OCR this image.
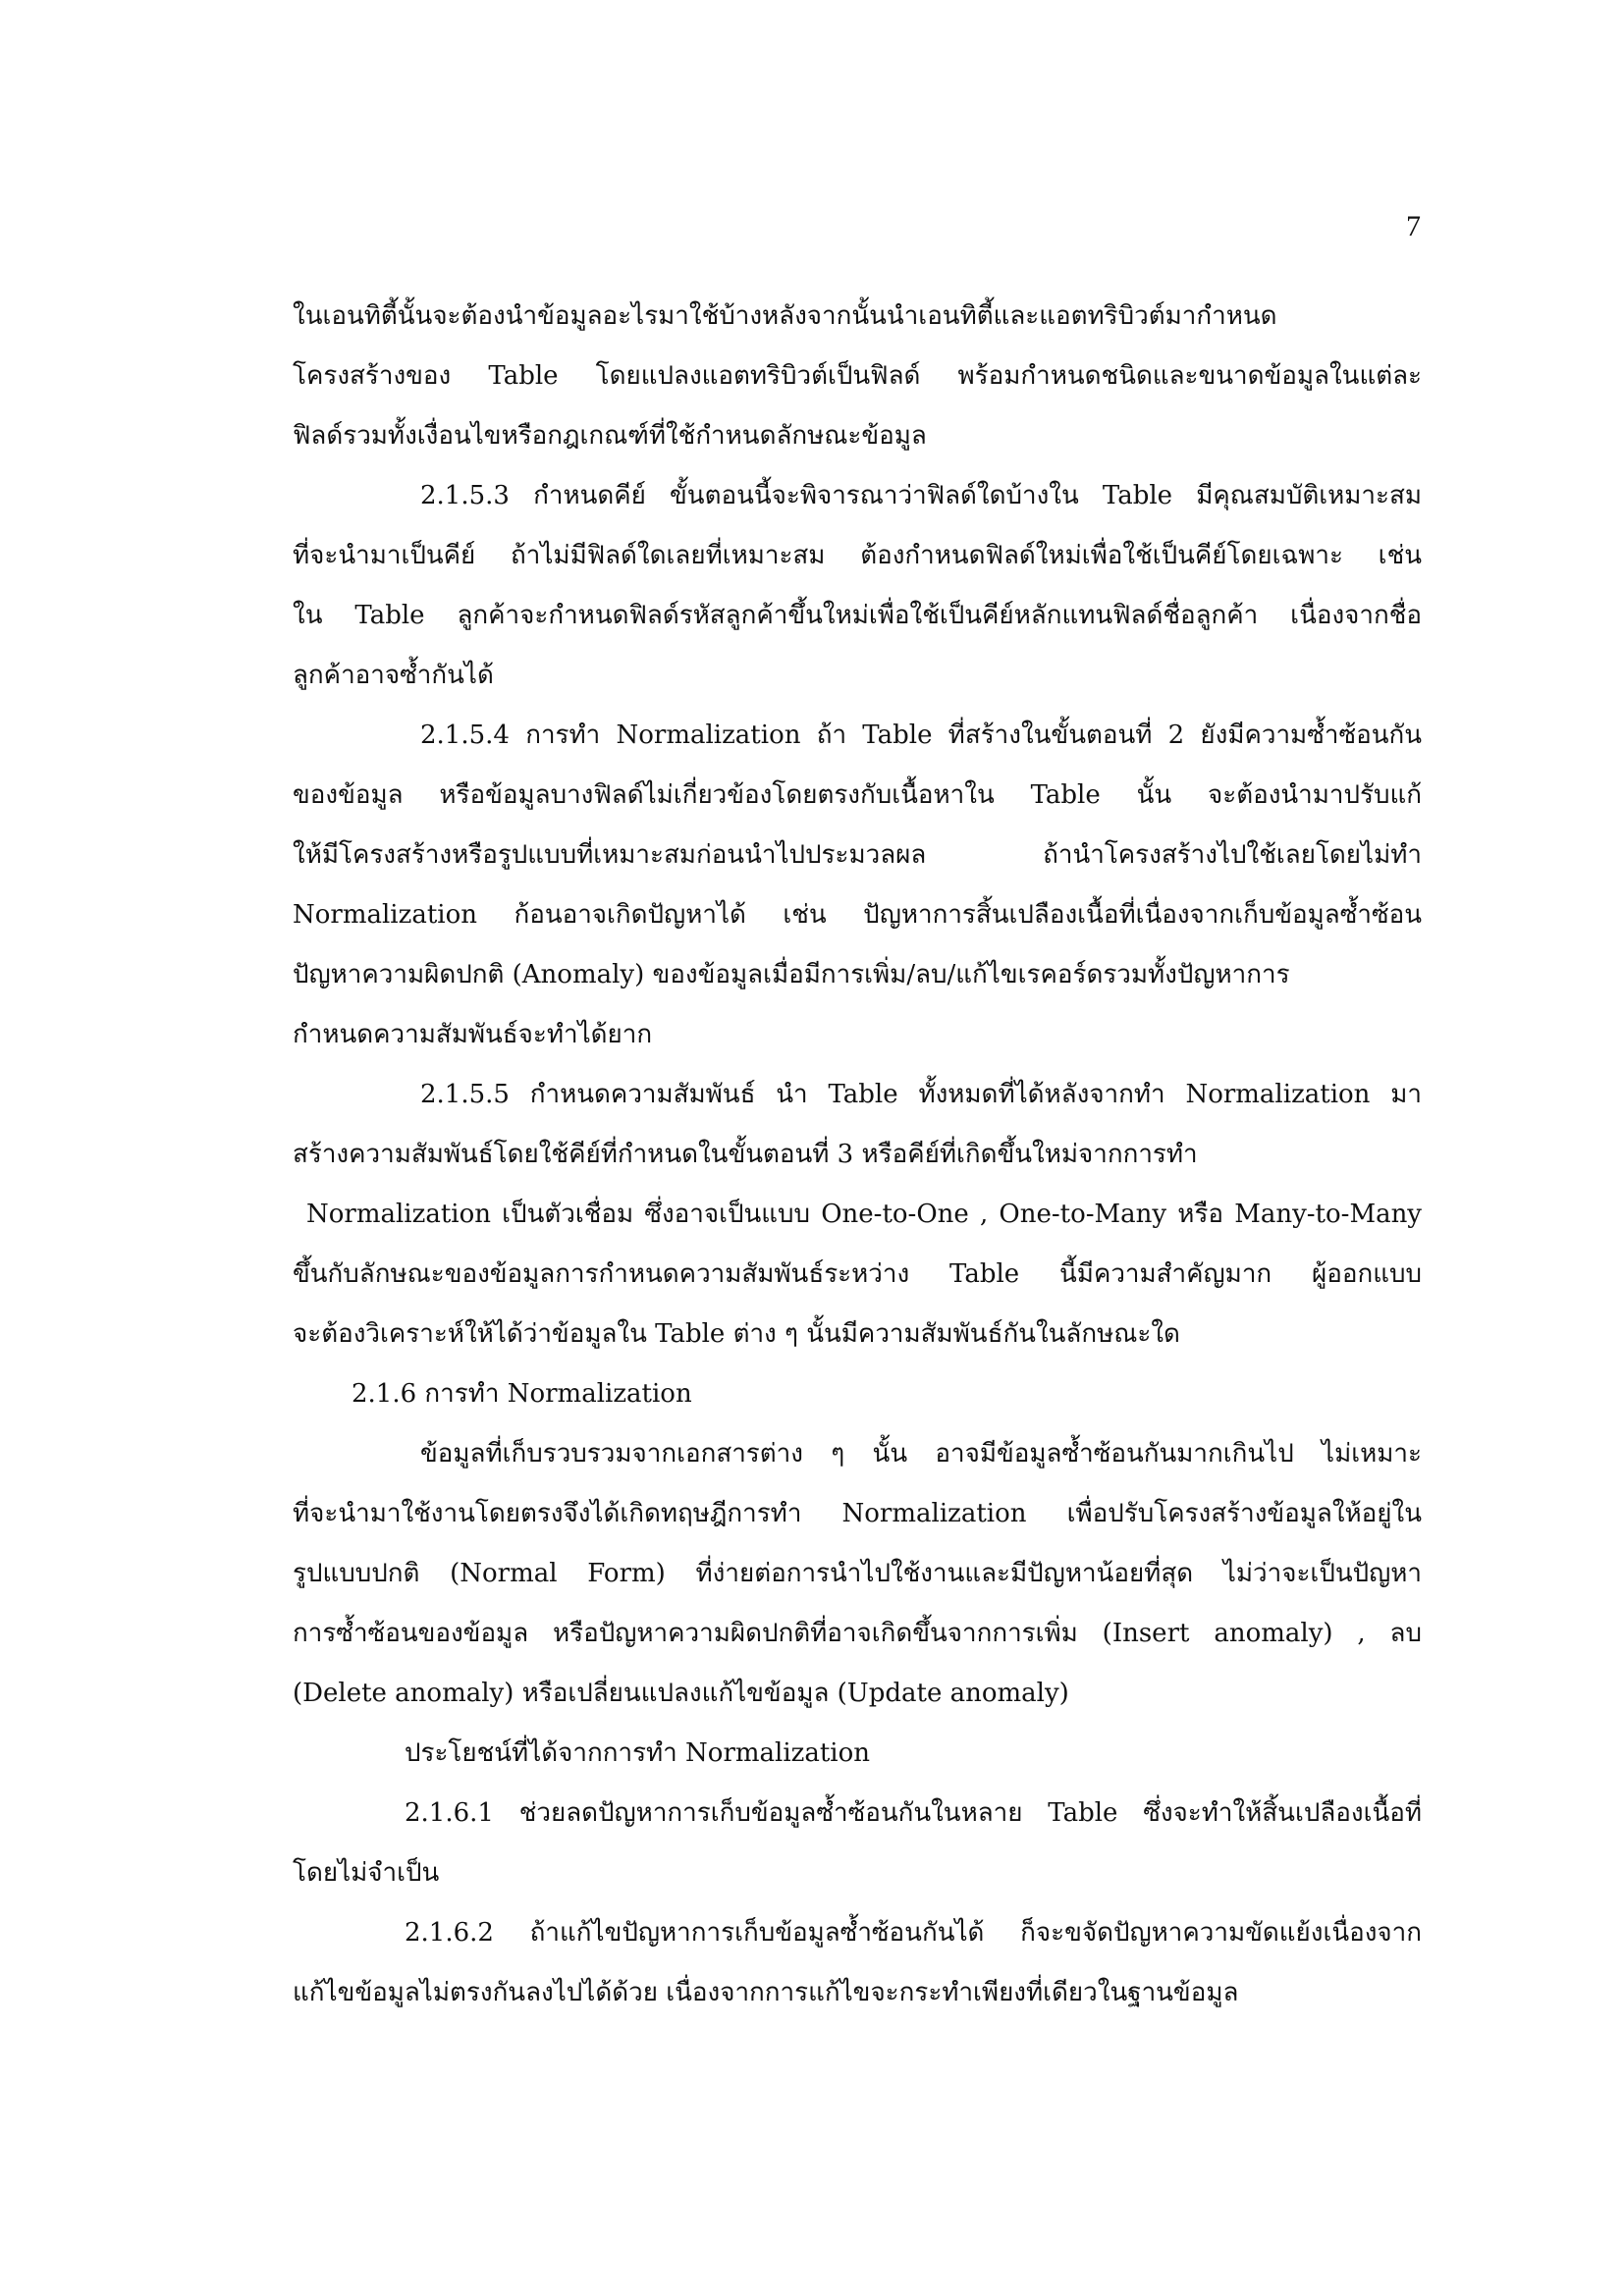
7
ในเอนทิตี้นั้นจะต้องนำข้อมูลอะไรมาใช้บ้างหลังจากนั้นนำเอนทิตี้และแอตทริบิวต์มากำหนด
โครงสร้างของ Table โดยแปลงแอตทริบิวต์เป็นฟิลด์ พร้อมกำหนดชนิดและขนาดข้อมูลในแต่ละ
ฟิลด์รวมทั้งเงื่อนไขหรือกฎเกณฑ์ที่ใช้กำหนดลักษณะข้อมูล
2.1.5.3 กำหนดคีย์ ขั้นตอนนี้จะพิจารณาว่าฟิลด์ใดบ้างใน Table มีคุณสมบัติเหมาะสม
ที่จะนำมาเป็นคีย์ ถ้าไม่มีฟิลด์ใดเลยที่เหมาะสม ต้องกำหนดฟิลด์ใหม่เพื่อใช้เป็นคีย์โดยเฉพาะ เช่น
ใน Table ลูกค้าจะกำหนดฟิลด์รหัสลูกค้าขึ้นใหม่เพื่อใช้เป็นคีย์หลักแทนฟิลด์ชื่อลูกค้า เนื่องจากชื่อ
ลูกค้าอาจซ้ำกันได้
2.1.5.4 การทำ Normalization ถ้า Table ที่สร้างในขั้นตอนที่ 2 ยังมีความซ้ำซ้อนกัน
ของข้อมูล หรือข้อมูลบางฟิลด์ไม่เกี่ยวข้องโดยตรงกับเนื้อหาใน Table นั้น จะต้องนำมาปรับแก้
ให้มีโครงสร้างหรือรูปแบบที่เหมาะสมก่อนนำไปประมวลผล ถ้านำโครงสร้างไปใช้เลยโดยไม่ทำ
Normalization ก้อนอาจเกิดปัญหาได้ เช่น ปัญหาการสิ้นเปลืองเนื้อที่เนื่องจากเก็บข้อมูลซ้ำซ้อน
ปัญหาความผิดปกติ (Anomaly) ของข้อมูลเมื่อมีการเพิ่ม/ลบ/แก้ไขเรคอร์ดรวมทั้งปัญหาการ
กำหนดความสัมพันธ์จะทำได้ยาก
2.1.5.5 กำหนดความสัมพันธ์ นำ Table ทั้งหมดที่ได้หลังจากทำ Normalization มา
สร้างความสัมพันธ์โดยใช้คีย์ที่กำหนดในขั้นตอนที่ 3 หรือคีย์ที่เกิดขึ้นใหม่จากการทำ
Normalization เป็นตัวเชื่อม ซึ่งอาจเป็นแบบ One-to-One , One-to-Many หรือ Many-to-Many
ขึ้นกับลักษณะของข้อมูลการกำหนดความสัมพันธ์ระหว่าง Table นี้มีความสำคัญมาก ผู้ออกแบบ
จะต้องวิเคราะห์ให้ได้ว่าข้อมูลใน Table ต่าง ๆ นั้นมีความสัมพันธ์กันในลักษณะใด
2.1.6 การทำ Normalization
ข้อมูลที่เก็บรวบรวมจากเอกสารต่าง ๆ นั้น อาจมีข้อมูลซ้ำซ้อนกันมากเกินไป ไม่เหมาะ
ที่จะนำมาใช้งานโดยตรงจึงได้เกิดทฤษฎีการทำ Normalization เพื่อปรับโครงสร้างข้อมูลให้อยู่ใน
รูปแบบปกติ (Normal Form) ที่ง่ายต่อการนำไปใช้งานและมีปัญหาน้อยที่สุด ไม่ว่าจะเป็นปัญหา
การซ้ำซ้อนของข้อมูล หรือปัญหาความผิดปกติที่อาจเกิดขึ้นจากการเพิ่ม (Insert anomaly) , ลบ
(Delete anomaly) หรือเปลี่ยนแปลงแก้ไขข้อมูล (Update anomaly)
ประโยชน์ที่ได้จากการทำ Normalization
2.1.6.1 ช่วยลดปัญหาการเก็บข้อมูลซ้ำซ้อนกันในหลาย Table ซึ่งจะทำให้สิ้นเปลืองเนื้อที่
โดยไม่จำเป็น
2.1.6.2 ถ้าแก้ไขปัญหาการเก็บข้อมูลซ้ำซ้อนกันได้ ก็จะขจัดปัญหาความขัดแย้งเนื่องจาก
แก้ไขข้อมูลไม่ตรงกันลงไปได้ด้วย เนื่องจากการแก้ไขจะกระทำเพียงที่เดียวในฐานข้อมูล
